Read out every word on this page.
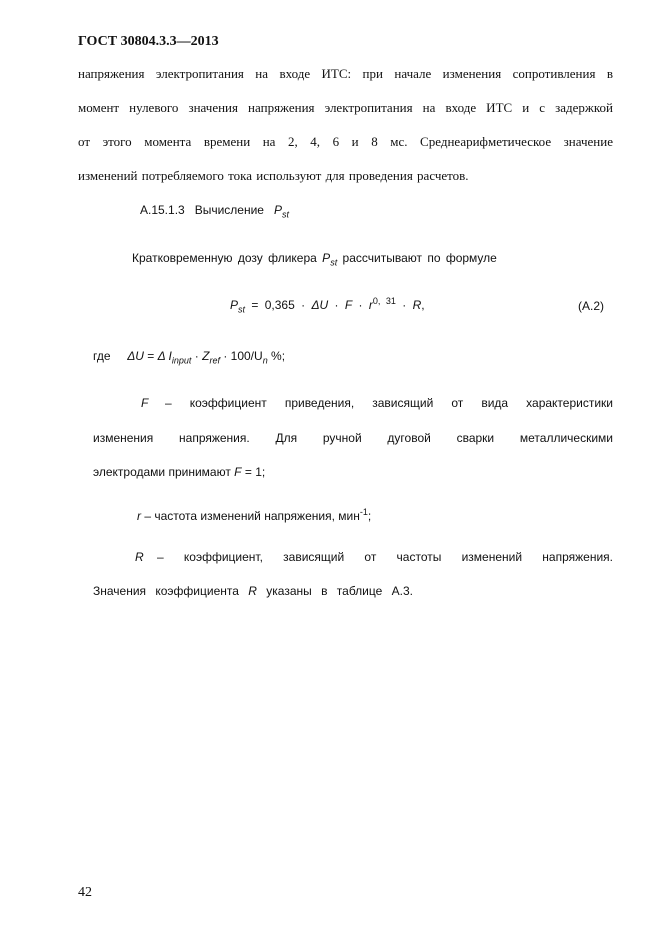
ГОСТ 30804.3.3—2013
напряжения электропитания на входе ИТС: при начале изменения сопротивления в
момент нулевого значения напряжения электропитания на входе ИТС и с задержкой
от этого момента времени на 2, 4, 6 и 8 мс. Среднеарифметическое значение
изменений потребляемого тока используют для проведения расчетов.
А.15.1.3 Вычисление $P_{st}$
Кратковременную дозу фликера $P_{st}$ рассчитывают по формуле
$P_{st} = 0,365 \cdot \Delta U \cdot F \cdot r^{0, 31} \cdot R$,	(А.2)
где ΔU = Δ $I_{input} \cdot Z_{ref} \cdot 100/U_n$ %;
F – коэффициент приведения, зависящий от вида характеристики
изменения напряжения. Для ручной дуговой сварки металлическими
электродами принимают F = 1;
r – частота изменений напряжения, мин$^{-1}$;
R – коэффициент, зависящий от частоты изменений напряжения.
Значения коэффициента R указаны в таблице А.3.
42
